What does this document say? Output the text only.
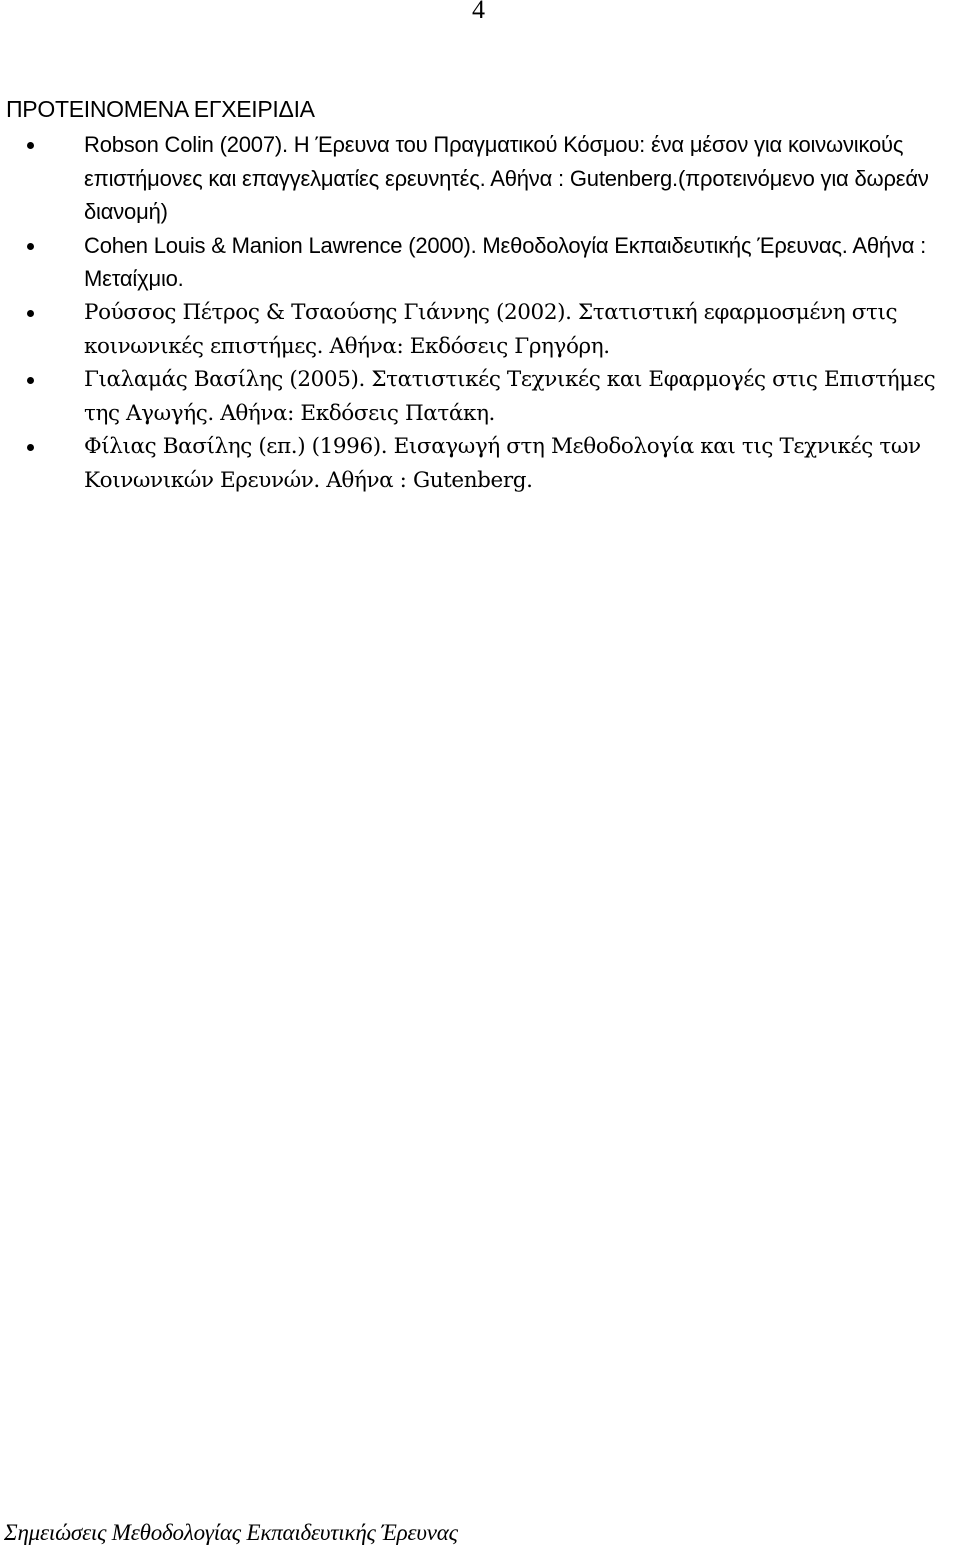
4
ΠΡΟΤΕΙΝΟΜΕΝΑ ΕΓΧΕΙΡΙΔΙΑ
Robson Colin (2007). Η Έρευνα του Πραγματικού Κόσμου: ένα μέσον για κοινωνικούς επιστήμονες και επαγγελματίες ερευνητές. Αθήνα : Gutenberg.(προτεινόμενο για δωρεάν διανομή)
Cohen Louis & Manion Lawrence (2000). Μεθοδολογία Εκπαιδευτικής Έρευνας. Αθήνα : Μεταίχμιο.
Ρούσσος Πέτρος & Τσαούσης Γιάννης (2002). Στατιστική εφαρμοσμένη στις κοινωνικές επιστήμες. Αθήνα: Εκδόσεις Γρηγόρη.
Γιαλαμάς Βασίλης (2005). Στατιστικές Τεχνικές και Εφαρμογές στις Επιστήμες της Αγωγής. Αθήνα: Εκδόσεις Πατάκη.
Φίλιας Βασίλης (επ.) (1996). Εισαγωγή στη Μεθοδολογία και τις Τεχνικές των Κοινωνικών Ερευνών. Αθήνα : Gutenberg.
Σημειώσεις Μεθοδολογίας Εκπαιδευτικής Έρευνας
